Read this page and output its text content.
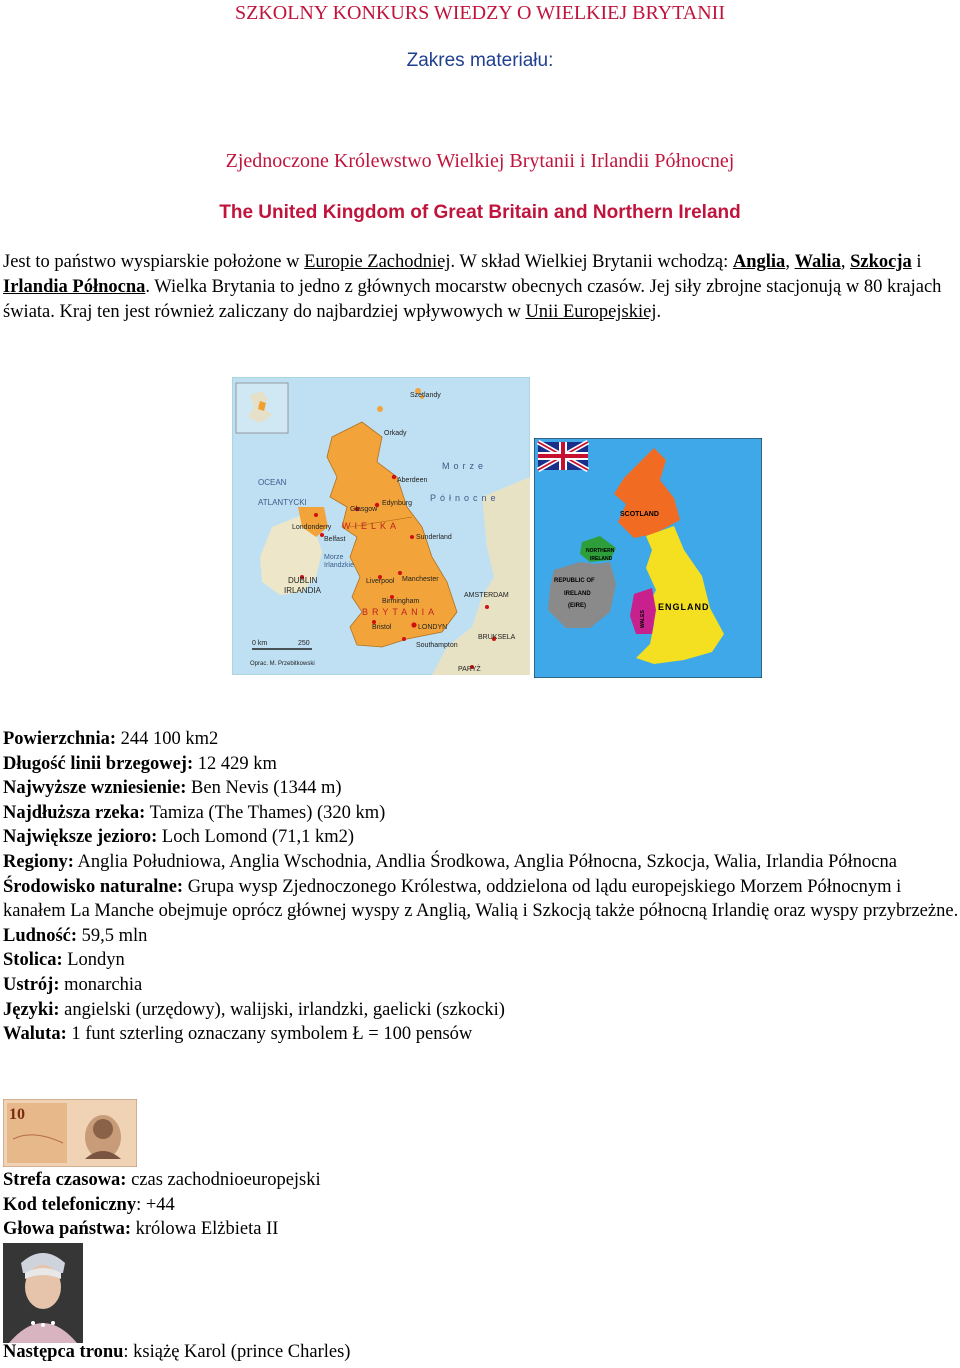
SZKOLNY KONKURS WIEDZY O WIELKIEJ BRYTANII
Zakres materiału:
Zjednoczone Królewstwo Wielkiej Brytanii i Irlandii Północnej
The United Kingdom of Great Britain and Northern Ireland
Jest to państwo wyspiarskie położone w Europie Zachodniej. W skład Wielkiej Brytanii wchodzą: Anglia, Walia, Szkocja i Irlandia Północna. Wielka Brytania to jedno z głównych mocarstw obecnych czasów. Jej siły zbrojne stacjonują w 80 krajach świata. Kraj ten jest również zaliczany do najbardziej wpływowych w Unii Europejskiej.
Szetlandy
Orkady
OCEAN
ATLANTYCKI
Morze
Północne
Glasgow
Edynburg
Aberdeen
Londonderry
Belfast
WIELKA
Morze
Irlandzkie
DUBLIN
IRLANDIA
Liverpool Manchester
Sunderland
Birmingham
BRYTANIA
Bristol	LONDYN
Southampton
AMSTERDAM
BRUKSELA
PARYŻ
0 km	250
Oprac. M. Przebitkowski
SCOTLAND
NORTHERN
IRELAND
REPUBLIC OF
IRELAND
(EIRE)	ENGLAND
WALES

Powierzchnia: 244 100 km2

Długość linii brzegowej: 12 429 km

Najwyższe wzniesienie: Ben Nevis (1344 m)

Najdłuższa rzeka: Tamiza (The Thames) (320 km)

Największe jezioro: Loch Lomond (71,1 km2)

Regiony: Anglia Południowa, Anglia Wschodnia, Andlia Środkowa, Anglia Północna, Szkocja, Walia, Irlandia Północna

Środowisko naturalne: Grupa wysp Zjednoczonego Królestwa, oddzielona od lądu europejskiego Morzem Północnym i kanałem La Manche obejmuje oprócz głównej wyspy z Anglią, Walią i Szkocją także północną Irlandię oraz wyspy przybrzeżne.

Ludność: 59,5 mln

Stolica: Londyn

Ustrój: monarchia

Języki: angielski (urzędowy), walijski, irlandzki, gaelicki (szkocki)

Waluta: 1 funt szterling oznaczany symbolem Ł = 100 pensów

10

Strefa czasowa: czas zachodnioeuropejski

Kod telefoniczny: +44

Głowa państwa: królowa Elżbieta II

Następca tronu: książę Karol (prince Charles)
